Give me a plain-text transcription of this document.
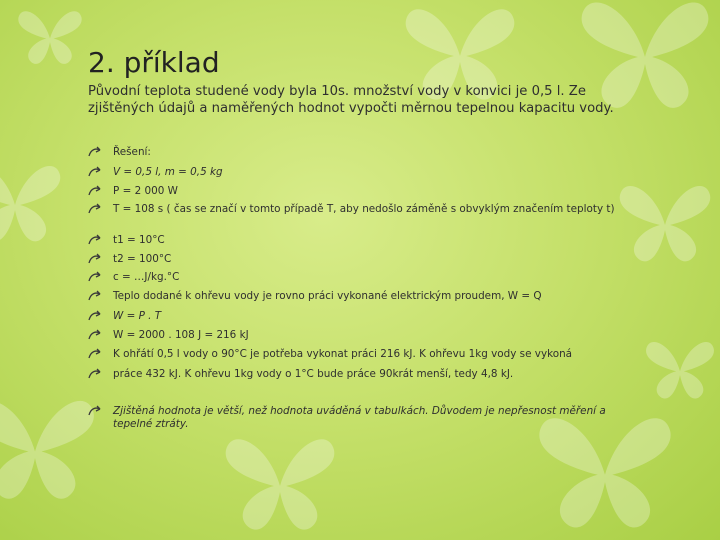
2. příklad

Původní teplota studené vody byla 10s. množství vody v konvici je 0,5 l. Ze zjištěných údajů a naměřených hodnot vypočti měrnou tepelnou kapacitu vody.

Řešení:
V = 0,5 l, m = 0,5 kg
P = 2 000 W
T = 108 s ( čas se značí v tomto případě T, aby nedošlo záměně s obvyklým značením teploty t)
t1 = 10°C
t2 = 100°C
c = …J/kg.°C
Teplo dodané k ohřevu vody je rovno práci vykonané elektrickým proudem, W = Q
W = P . T
W = 2000 . 108 J = 216 kJ
K ohřátí 0,5 l vody o 90°C je potřeba vykonat práci 216 kJ. K ohřevu 1kg vody se vykoná
práce 432 kJ. K ohřevu 1kg vody o 1°C bude práce 90krát menší, tedy 4,8 kJ.
Zjištěná hodnota je větší, než hodnota uváděná v tabulkách. Důvodem je nepřesnost měření a tepelné ztráty.
